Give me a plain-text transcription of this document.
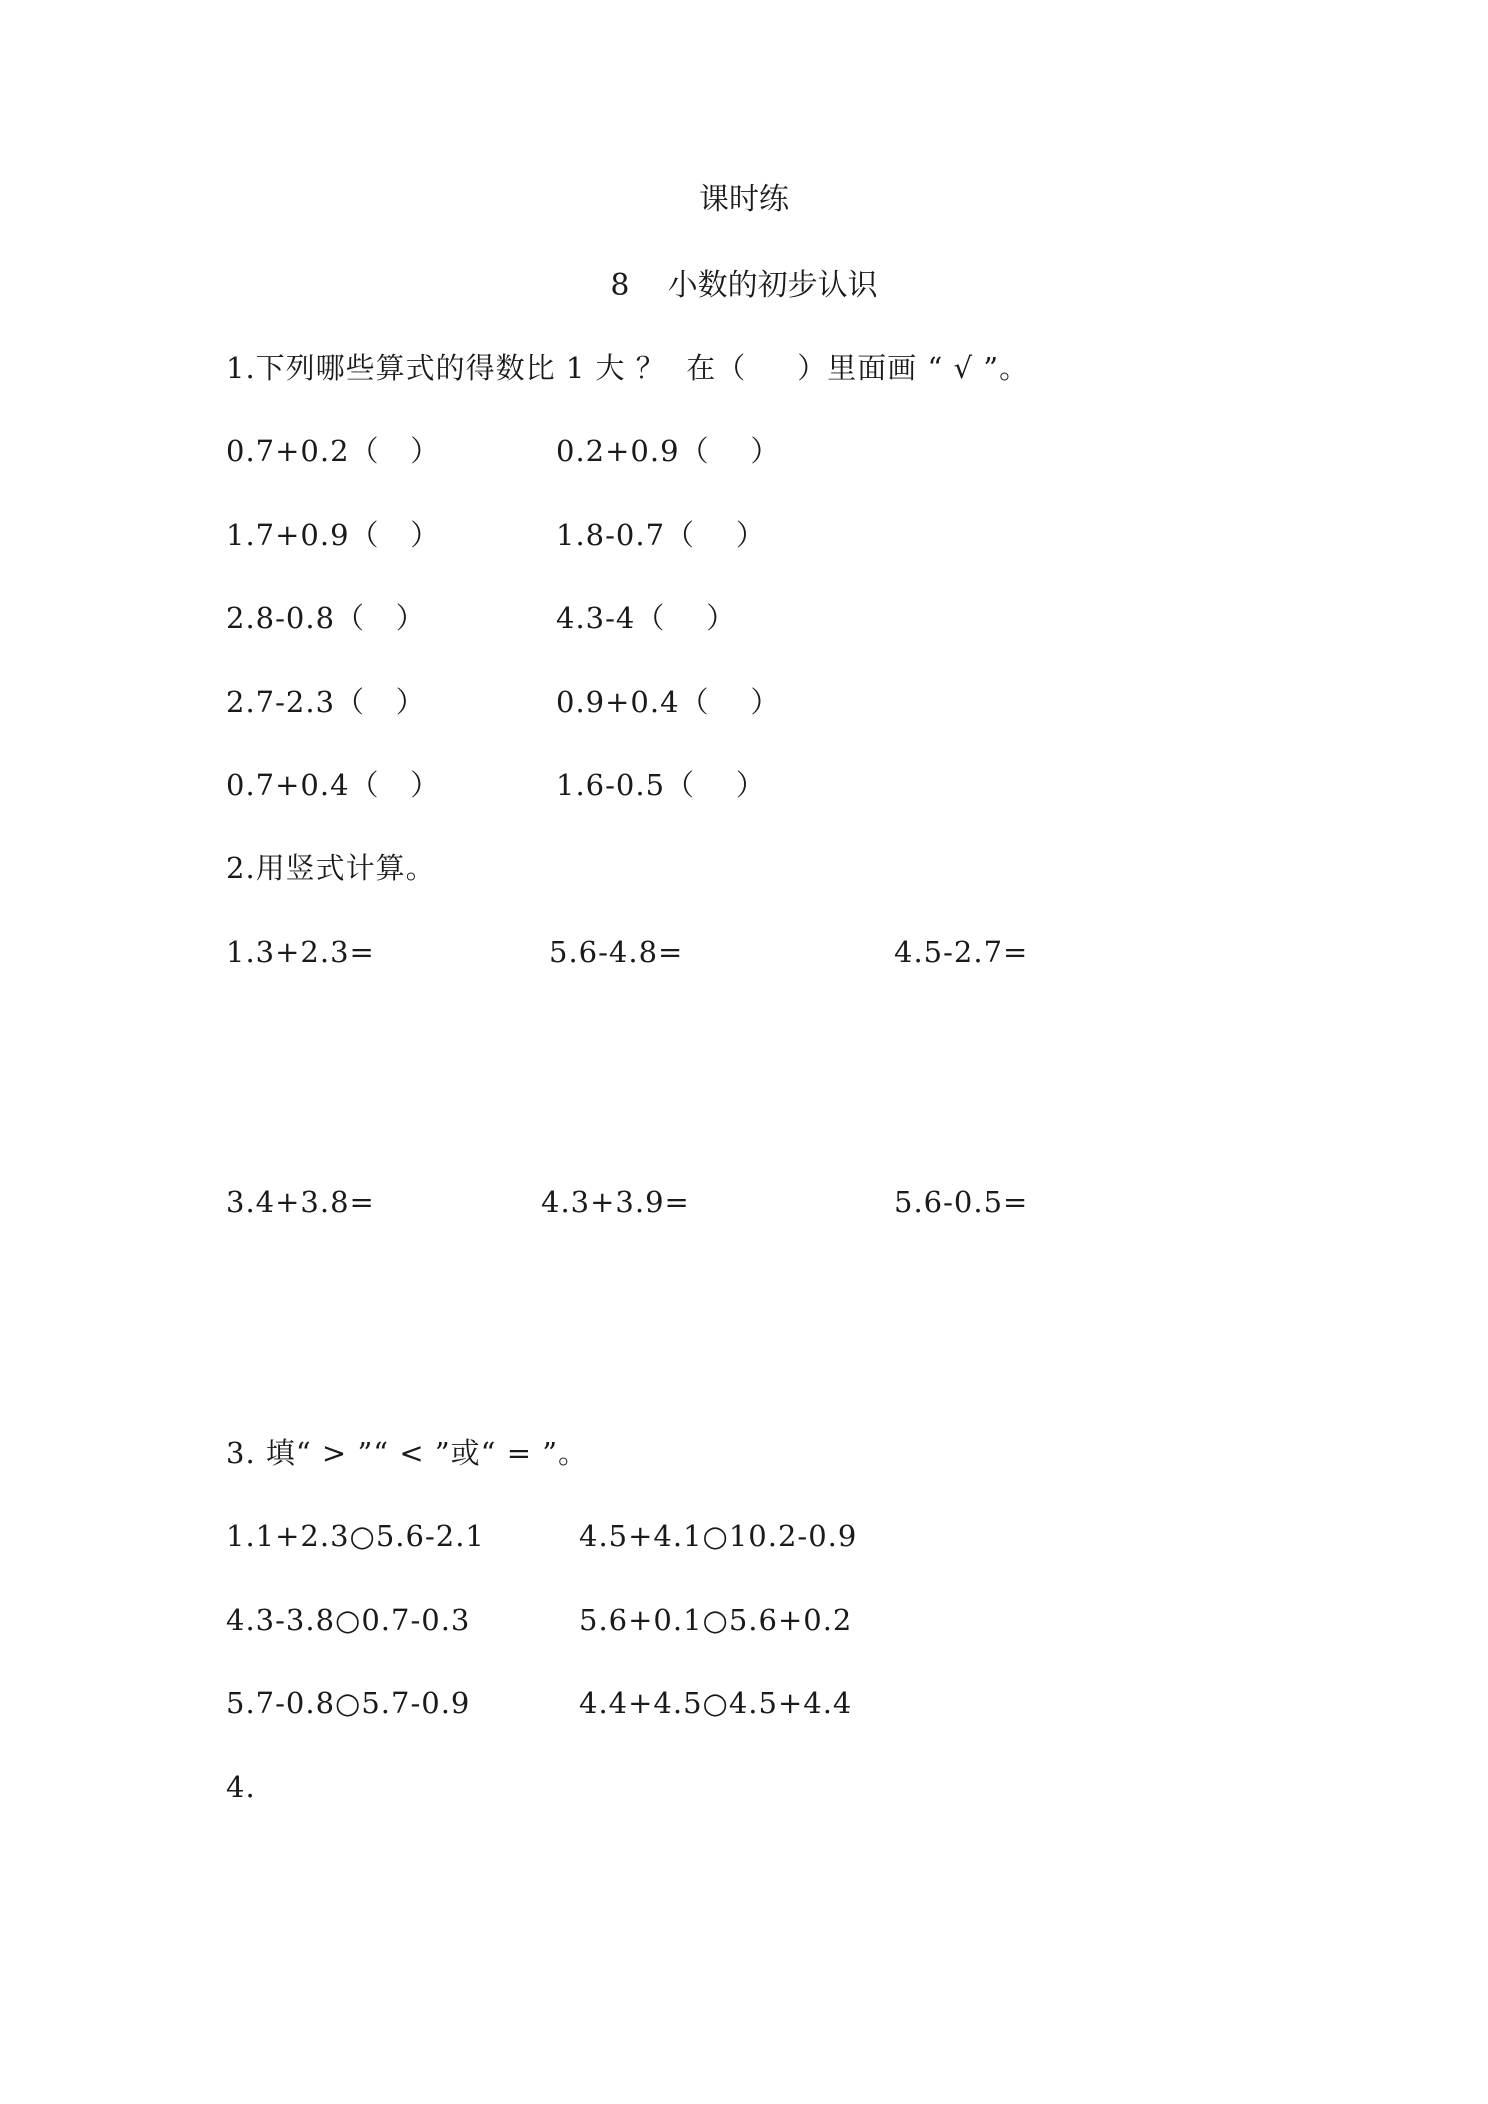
课时练
8    小数的初步认识
1.下列哪些算式的得数比 1 大 ？  在（     ）里面画 “ √ ”。
0.7+0.2（   ）	0.2+0.9（    ）
1.7+0.9（   ）	1.8-0.7（    ）
2.8-0.8（   ）	4.3-4（    ）
2.7-2.3（   ）	0.9+0.4（    ）
0.7+0.4（   ）	1.6-0.5（    ）
2.用竖式计算。
1.3+2.3=	5.6-4.8=	4.5-2.7=
3.4+3.8=	4.3+3.9=	5.6-0.5=
3. 填“ > ”“ < ”或“ = ”。
1.1+2.3○5.6-2.1	4.5+4.1○10.2-0.9
4.3-3.8○0.7-0.3	5.6+0.1○5.6+0.2
5.7-0.8○5.7-0.9	4.4+4.5○4.5+4.4
4.
